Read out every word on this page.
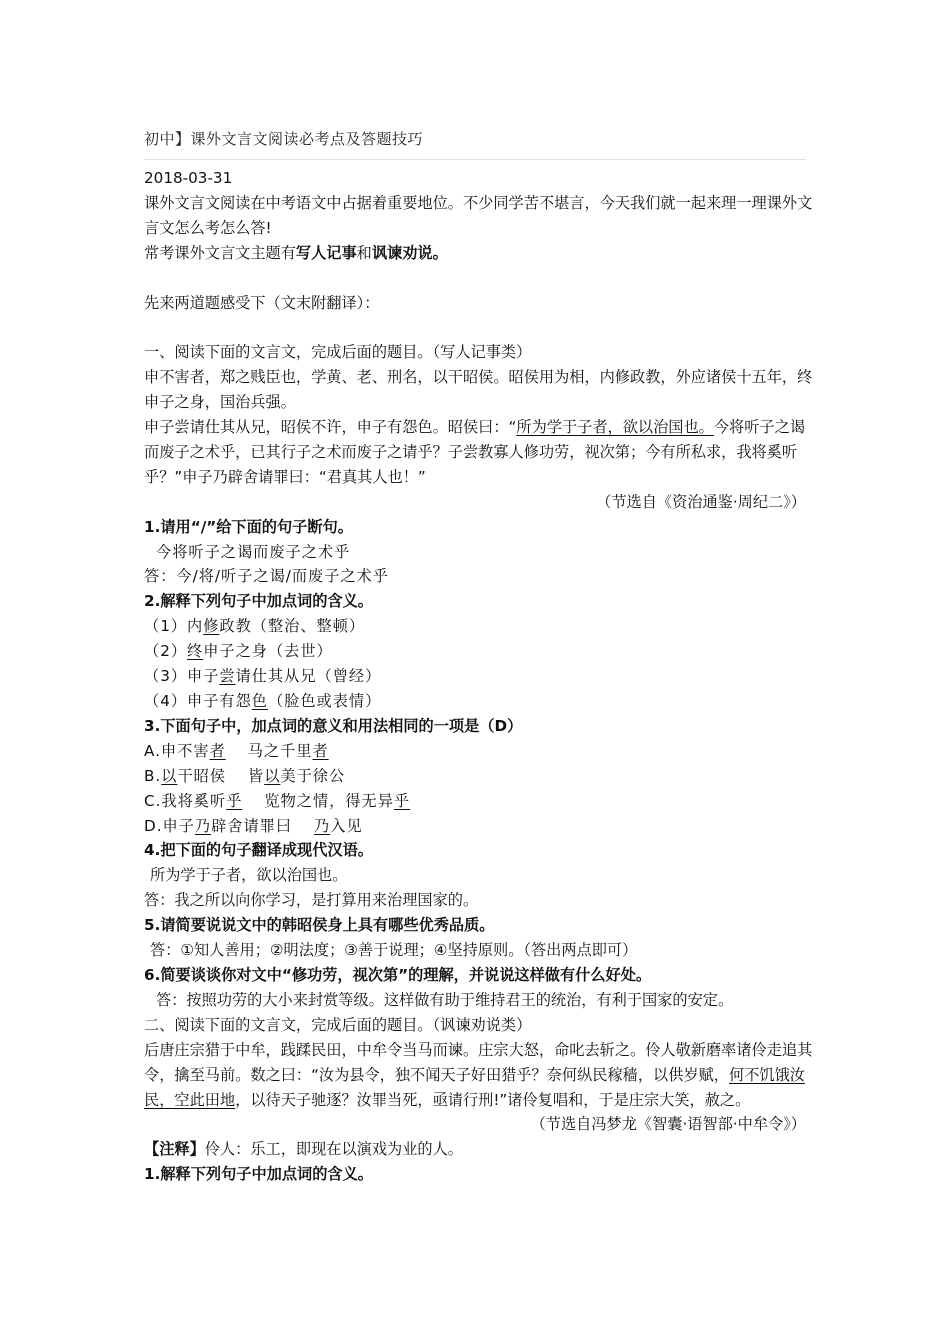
初中】课外文言文阅读必考点及答题技巧
2018-03-31
课外文言文阅读在中考语文中占据着重要地位。不少同学苦不堪言，今天我们就一起来理一理课外文言文怎么考怎么答!
常考课外文言文主题有写人记事和讽谏劝说。
先来两道题感受下（文末附翻译）：
一、阅读下面的文言文，完成后面的题目。（写人记事类）
申不害者，郑之贱臣也，学黄、老、刑名，以干昭侯。昭侯用为相，内修政教，外应诸侯十五年，终申子之身，国治兵强。
申子尝请仕其从兄，昭侯不许，申子有怨色。昭侯曰：“所为学于子者，欲以治国也。今将听子之谒而废子之术乎，已其行子之术而废子之请乎？子尝教寡人修功劳，视次第；今有所私求，我将奚听乎？”申子乃辟舍请罪曰：“君真其人也！”
（节选自《资治通鉴·周纪二》）
1.请用“/”给下面的句子断句。
今将听子之谒而废子之术乎
答：今/将/听子之谒/而废子之术乎
2.解释下列句子中加点词的含义。
（1）内修政教（整治、整顿）
（2）终申子之身（去世）
（3）申子尝请仕其从兄（曾经）
（4）申子有怨色（脸色或表情）
3.下面句子中，加点词的意义和用法相同的一项是（D）
A.申不害者 马之千里者
B.以干昭侯 皆以美于徐公
C.我将奚听乎 览物之情，得无异乎
D.申子乃辟舍请罪曰 乃入见
4.把下面的句子翻译成现代汉语。
所为学于子者，欲以治国也。
答：我之所以向你学习，是打算用来治理国家的。
5.请简要说说文中的韩昭侯身上具有哪些优秀品质。
答：①知人善用；②明法度；③善于说理；④坚持原则。（答出两点即可）
6.简要谈谈你对文中“修功劳，视次第”的理解，并说说这样做有什么好处。
答：按照功劳的大小来封赏等级。这样做有助于维持君王的统治，有利于国家的安定。
二、阅读下面的文言文，完成后面的题目。（讽谏劝说类）
后唐庄宗猎于中牟，践蹂民田，中牟令当马而谏。庄宗大怒，命叱去斩之。伶人敬新磨率诸伶走追其令，擒至马前。数之曰：“汝为县令，独不闻天子好田猎乎？奈何纵民稼穑，以供岁赋，何不饥饿汝民，空此田地，以待天子驰逐？汝罪当死，亟请行刑!”诸伶复唱和，于是庄宗大笑，赦之。
（节选自冯梦龙《智囊·语智部·中牟令》）
【注释】伶人：乐工，即现在以演戏为业的人。
1.解释下列句子中加点词的含义。
